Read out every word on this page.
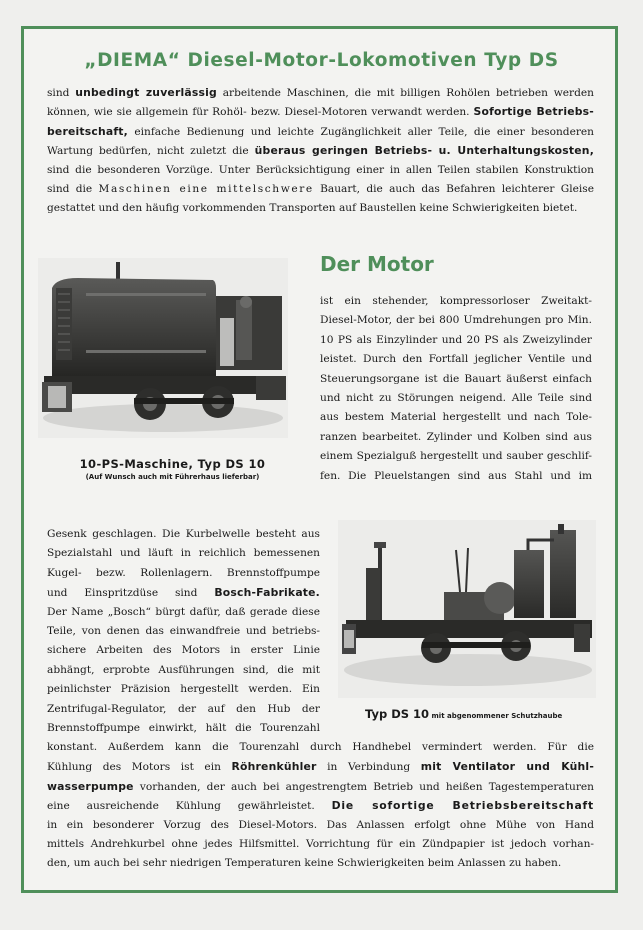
„DIEMA“ Diesel-Motor-Lokomotiven Typ DS
sind unbedingt zuverlässig arbeitende Maschinen, die mit billigen Rohölen betrieben werden
können, wie sie allgemein für Rohöl- bezw. Diesel-Motoren verwandt werden. Sofortige Betriebs-
bereitschaft, einfache Bedienung und leichte Zugänglichkeit aller Teile, die einer besonderen
Wartung bedürfen, nicht zuletzt die überaus geringen Betriebs- u. Unterhaltungskosten,
sind die besonderen Vorzüge. Unter Berücksichtigung einer in allen Teilen stabilen Konstruktion
sind die Maschinen eine mittelschwere Bauart, die auch das Befahren leichterer Gleise
gestattet und den häufig vorkommenden Transporten auf Baustellen keine Schwierigkeiten bietet.
10-PS-Maschine, Typ DS 10
(Auf Wunsch auch mit Führerhaus lieferbar)
Der Motor
ist ein stehender, kompressorloser Zweitakt-
Diesel-Motor, der bei 800 Umdrehungen pro Min.
10 PS als Einzylinder und 20 PS als Zweizylinder
leistet. Durch den Fortfall jeglicher Ventile und
Steuerungsorgane ist die Bauart äußerst einfach
und nicht zu Störungen neigend. Alle Teile sind
aus bestem Material hergestellt und nach Tole-
ranzen bearbeitet. Zylinder und Kolben sind aus
einem Spezialguß hergestellt und sauber geschlif-
fen. Die Pleuelstangen sind aus Stahl und im
Gesenk geschlagen. Die Kurbelwelle besteht aus
Spezialstahl und läuft in reichlich bemessenen
Kugel- bezw. Rollenlagern. Brennstoffpumpe
und Einspritzdüse sind Bosch-Fabrikate.
Der Name „Bosch“ bürgt dafür, daß gerade diese
Teile, von denen das einwandfreie und betriebs-
sichere Arbeiten des Motors in erster Linie
abhängt, erprobte Ausführungen sind, die mit
peinlichster Präzision hergestellt werden. Ein
Zentrifugal-Regulator, der auf den Hub der
Brennstoffpumpe einwirkt, hält die Tourenzahl
Typ DS 10 mit abgenommener Schutzhaube
konstant. Außerdem kann die Tourenzahl durch Handhebel vermindert werden. Für die
Kühlung des Motors ist ein Röhrenkühler in Verbindung mit Ventilator und Kühl-
wasserpumpe vorhanden, der auch bei angestrengtem Betrieb und heißen Tagestemperaturen
eine ausreichende Kühlung gewährleistet. Die sofortige Betriebsbereitschaft
in ein besonderer Vorzug des Diesel-Motors. Das Anlassen erfolgt ohne Mühe von Hand
mittels Andrehkurbel ohne jedes Hilfsmittel. Vorrichtung für ein Zündpapier ist jedoch vorhan-
den, um auch bei sehr niedrigen Temperaturen keine Schwierigkeiten beim Anlassen zu haben.
